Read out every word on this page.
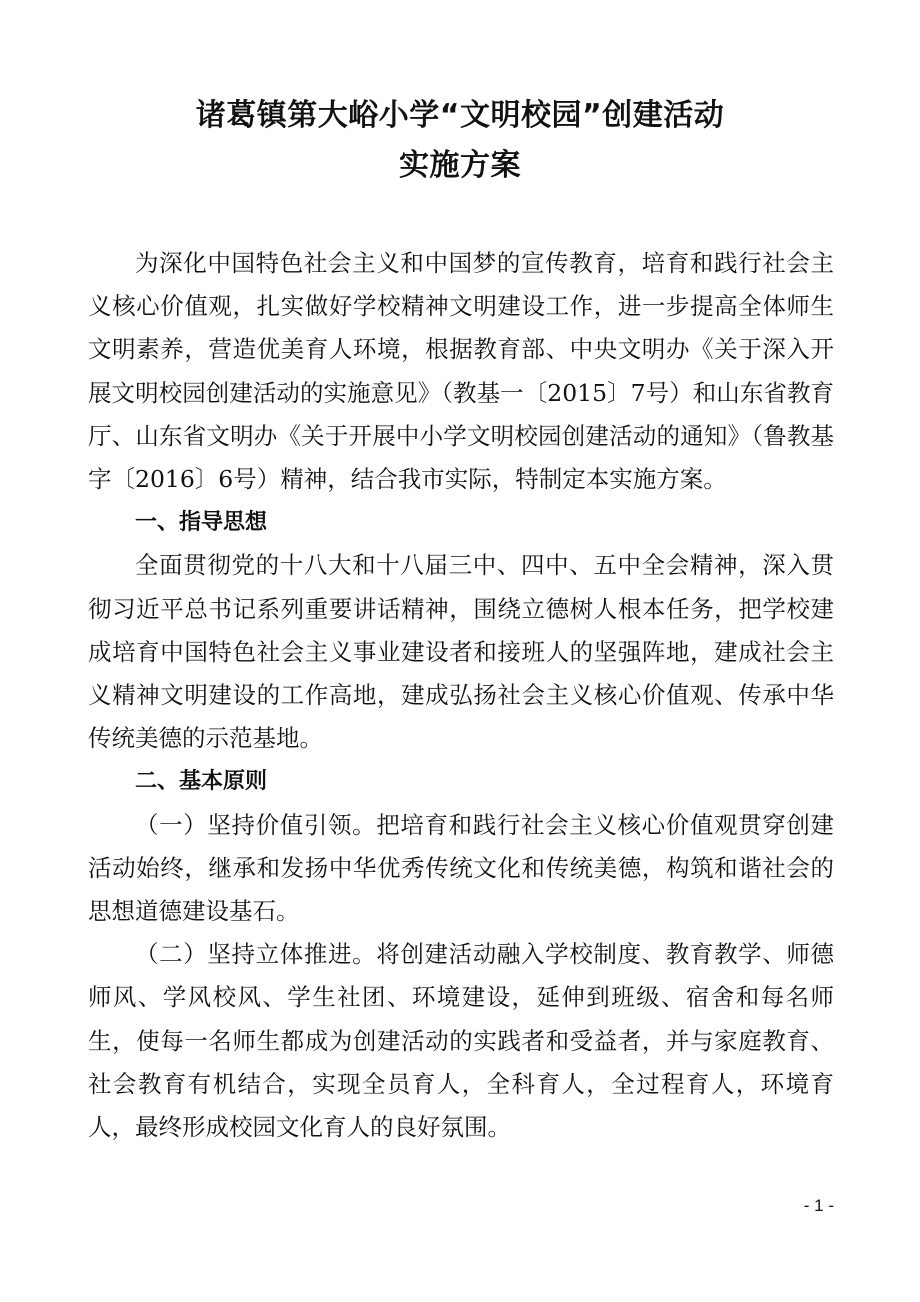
诸葛镇第大峪小学“文明校园”创建活动
实施方案

为深化中国特色社会主义和中国梦的宣传教育，培育和践行社会主义核心价值观，扎实做好学校精神文明建设工作，进一步提高全体师生文明素养，营造优美育人环境，根据教育部、中央文明办《关于深入开展文明校园创建活动的实施意见》（教基一〔2015〕7号）和山东省教育厅、山东省文明办《关于开展中小学文明校园创建活动的通知》（鲁教基字〔2016〕6号）精神，结合我市实际，特制定本实施方案。

一、指导思想

全面贯彻党的十八大和十八届三中、四中、五中全会精神，深入贯彻习近平总书记系列重要讲话精神，围绕立德树人根本任务，把学校建成培育中国特色社会主义事业建设者和接班人的坚强阵地，建成社会主义精神文明建设的工作高地，建成弘扬社会主义核心价值观、传承中华传统美德的示范基地。

二、基本原则

（一）坚持价值引领。把培育和践行社会主义核心价值观贯穿创建活动始终，继承和发扬中华优秀传统文化和传统美德，构筑和谐社会的思想道德建设基石。

（二）坚持立体推进。将创建活动融入学校制度、教育教学、师德师风、学风校风、学生社团、环境建设，延伸到班级、宿舍和每名师生，使每一名师生都成为创建活动的实践者和受益者，并与家庭教育、社会教育有机结合，实现全员育人，全科育人，全过程育人，环境育人，最终形成校园文化育人的良好氛围。

- 1 -
